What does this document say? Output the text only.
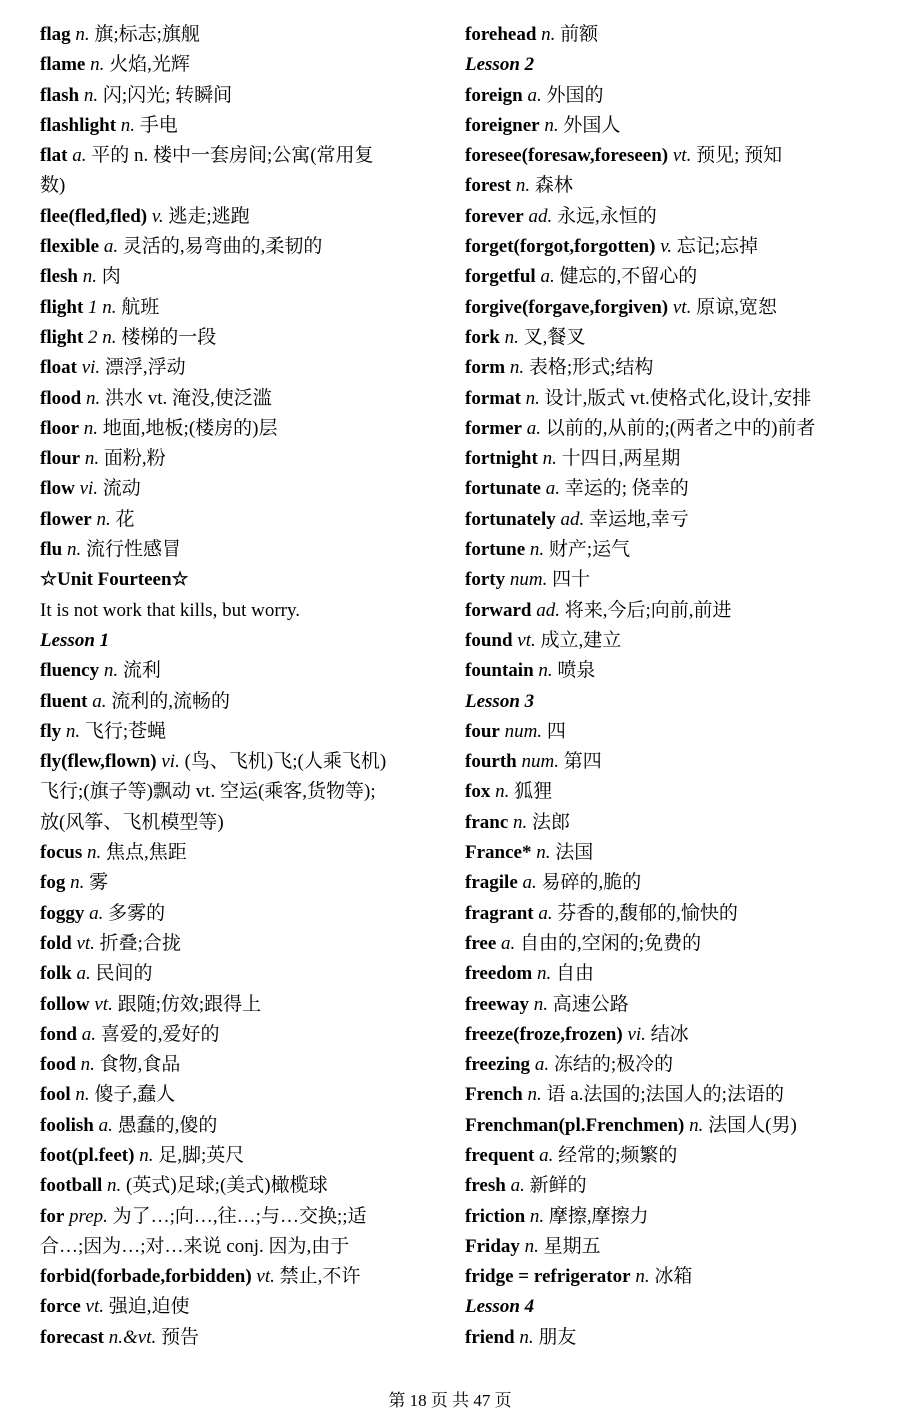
flag n. 旗;标志;旗舰
flame n. 火焰,光辉
flash n. 闪;闪光; 转瞬间
flashlight n. 手电
flat a. 平的 n. 楼中一套房间;公寓(常用复
数)
flee(fled,fled) v. 逃走;逃跑
flexible a. 灵活的,易弯曲的,柔韧的
flesh n. 肉
flight 1 n. 航班
flight 2 n. 楼梯的一段
float vi. 漂浮,浮动
flood n. 洪水 vt. 淹没,使泛滥
floor n. 地面,地板;(楼房的)层
flour n. 面粉,粉
flow vi. 流动
flower n. 花
flu n. 流行性感冒
☆Unit Fourteen☆
It is not work that kills, but worry.
Lesson 1
fluency n. 流利
fluent a. 流利的,流畅的
fly n. 飞行;苍蝇
fly(flew,flown) vi. (鸟、飞机)飞;(人乘飞机)
飞行;(旗子等)飘动 vt. 空运(乘客,货物等);
放(风筝、飞机模型等)
focus n. 焦点,焦距
fog n. 雾
foggy a. 多雾的
fold vt. 折叠;合拢
folk a. 民间的
follow vt. 跟随;仿效;跟得上
fond a. 喜爱的,爱好的
food n. 食物,食品
fool n. 傻子,蠢人
foolish a. 愚蠢的,傻的
foot(pl.feet) n. 足,脚;英尺
football n. (英式)足球;(美式)橄榄球
for prep. 为了…;向…,往…;与…交换;;适
合…;因为…;对…来说 conj. 因为,由于
forbid(forbade,forbidden) vt. 禁止,不许
force vt. 强迫,迫使
forecast n.&vt. 预告
forehead n. 前额
Lesson 2
foreign a. 外国的
foreigner n. 外国人
foresee(foresaw,foreseen) vt. 预见; 预知
forest n. 森林
forever ad. 永远,永恒的
forget(forgot,forgotten) v. 忘记;忘掉
forgetful a. 健忘的,不留心的
forgive(forgave,forgiven) vt. 原谅,宽恕
fork n. 叉,餐叉
form n. 表格;形式;结构
format n. 设计,版式 vt.使格式化,设计,安排
former a. 以前的,从前的;(两者之中的)前者
fortnight n. 十四日,两星期
fortunate a. 幸运的; 侥幸的
fortunately ad. 幸运地,幸亏
fortune n. 财产;运气
forty num. 四十
forward ad. 将来,今后;向前,前进
found vt. 成立,建立
fountain n. 喷泉
Lesson 3
four num. 四
fourth num. 第四
fox n. 狐狸
franc n. 法郎
France* n. 法国
fragile a. 易碎的,脆的
fragrant a. 芬香的,馥郁的,愉快的
free a. 自由的,空闲的;免费的
freedom n. 自由
freeway n. 高速公路
freeze(froze,frozen) vi. 结冰
freezing a. 冻结的;极冷的
French n. 语 a.法国的;法国人的;法语的
Frenchman(pl.Frenchmen) n. 法国人(男)
frequent a. 经常的;频繁的
fresh a. 新鲜的
friction n. 摩擦,摩擦力
Friday n. 星期五
fridge = refrigerator n. 冰箱
Lesson 4
friend n. 朋友
第 18 页 共 47 页
